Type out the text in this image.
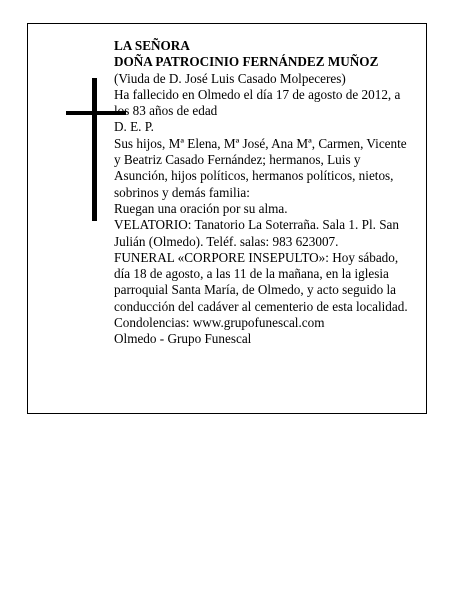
LA SEÑORA
DOÑA PATROCINIO FERNÁNDEZ MUÑOZ
(Viuda de D. José Luis Casado Molpeceres)
Ha fallecido en Olmedo el día 17 de agosto de 2012, a
los 83 años de edad
D. E. P.
Sus hijos, Mª Elena, Mª José, Ana Mª, Carmen, Vicente
y Beatriz Casado Fernández; hermanos, Luis y
Asunción, hijos políticos, hermanos políticos, nietos,
sobrinos y demás familia:
Ruegan una oración por su alma.
VELATORIO: Tanatorio La Soterraña. Sala 1. Pl. San
Julián (Olmedo). Teléf. salas: 983 623007.
FUNERAL «CORPORE INSEPULTO»: Hoy sábado,
día 18 de agosto, a las 11 de la mañana, en la iglesia
parroquial Santa María, de Olmedo, y acto seguido la
conducción del cadáver al cementerio de esta localidad.
Condolencias: www.grupofunescal.com
Olmedo - Grupo Funescal
